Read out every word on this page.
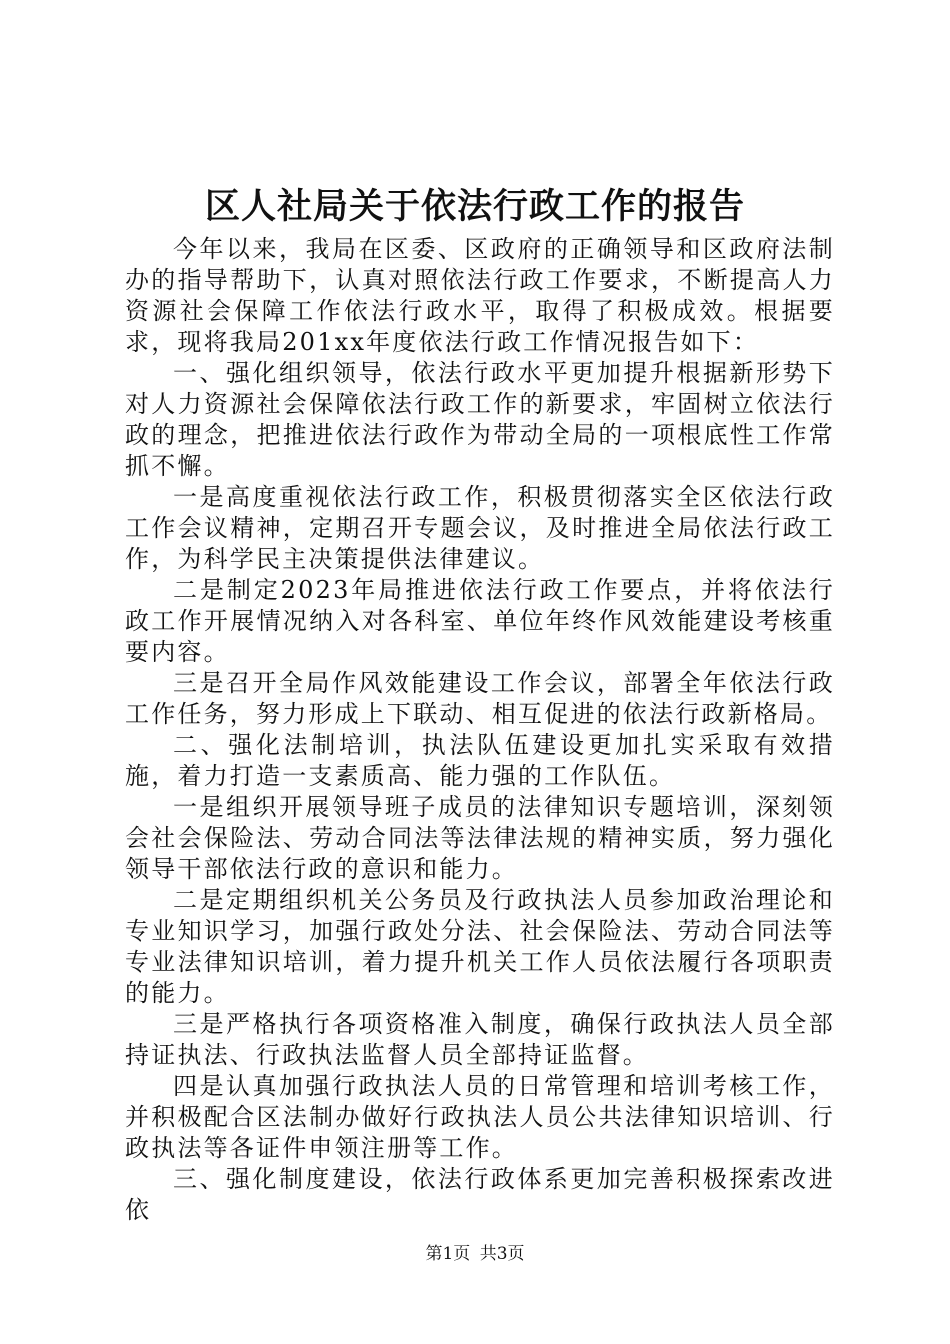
区人社局关于依法行政工作的报告

今年以来，我局在区委、区政府的正确领导和区政府法制办的指导帮助下，认真对照依法行政工作要求，不断提高人力资源社会保障工作依法行政水平，取得了积极成效。根据要求，现将我局201xx年度依法行政工作情况报告如下：

一、强化组织领导，依法行政水平更加提升根据新形势下对人力资源社会保障依法行政工作的新要求，牢固树立依法行政的理念，把推进依法行政作为带动全局的一项根底性工作常抓不懈。

一是高度重视依法行政工作，积极贯彻落实全区依法行政工作会议精神，定期召开专题会议，及时推进全局依法行政工作，为科学民主决策提供法律建议。

二是制定2023年局推进依法行政工作要点，并将依法行政工作开展情况纳入对各科室、单位年终作风效能建设考核重要内容。

三是召开全局作风效能建设工作会议，部署全年依法行政工作任务，努力形成上下联动、相互促进的依法行政新格局。

二、强化法制培训，执法队伍建设更加扎实采取有效措施，着力打造一支素质高、能力强的工作队伍。

一是组织开展领导班子成员的法律知识专题培训，深刻领会社会保险法、劳动合同法等法律法规的精神实质，努力强化领导干部依法行政的意识和能力。

二是定期组织机关公务员及行政执法人员参加政治理论和专业知识学习，加强行政处分法、社会保险法、劳动合同法等专业法律知识培训，着力提升机关工作人员依法履行各项职责的能力。

三是严格执行各项资格准入制度，确保行政执法人员全部持证执法、行政执法监督人员全部持证监督。

四是认真加强行政执法人员的日常管理和培训考核工作，并积极配合区法制办做好行政执法人员公共法律知识培训、行政执法等各证件申领注册等工作。

三、强化制度建设，依法行政体系更加完善积极探索改进依

第1页 共3页
